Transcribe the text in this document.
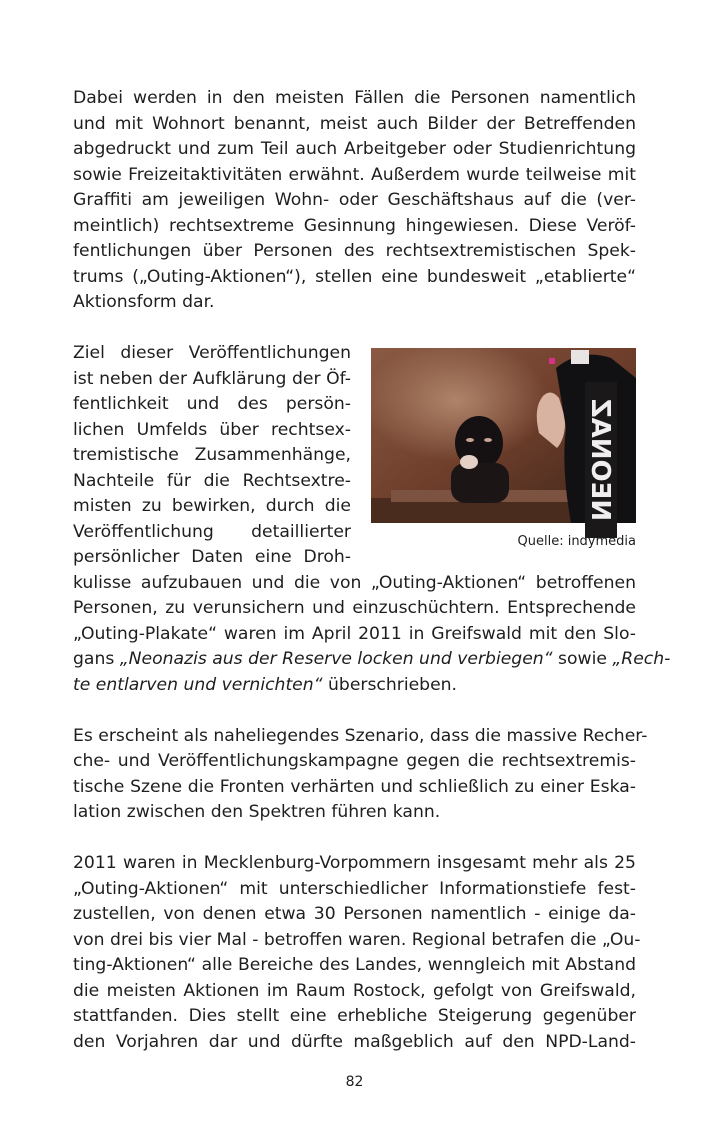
Dabei werden in den meisten Fällen die Personen namentlich
und mit Wohnort benannt, meist auch Bilder der Betreffenden
abgedruckt und zum Teil auch Arbeitgeber oder Studienrichtung
sowie Freizeitaktivitäten erwähnt. Außerdem wurde teilweise mit
Graffiti am jeweiligen Wohn- oder Geschäftshaus auf die (ver-
meintlich) rechtsextreme Gesinnung hingewiesen. Diese Veröf-
fentlichungen über Personen des rechtsextremistischen Spek-
trums („Outing-Aktionen“), stellen eine bundesweit „etablierte“
Aktionsform dar.
Ziel dieser Veröffentlichungen
ist neben der Aufklärung der Öf-
fentlichkeit und des persön-
lichen Umfelds über rechtsex-
tremistische Zusammenhänge,
Nachteile für die Rechtsextre-
misten zu bewirken, durch die
Veröffentlichung detaillierter
persönlicher Daten eine Droh-
NEONAZ
Quelle: indymedia
kulisse aufzubauen und die von „Outing-Aktionen“ betroffenen
Personen, zu verunsichern und einzuschüchtern. Entsprechende
„Outing-Plakate“ waren im April 2011 in Greifswald mit den Slo-
gans „Neonazis aus der Reserve locken und verbiegen“ sowie „Rech-
te entlarven und vernichten“ überschrieben.
Es erscheint als naheliegendes Szenario, dass die massive Recher-
che- und Veröffentlichungskampagne gegen die rechtsextremis-
tische Szene die Fronten verhärten und schließlich zu einer Eska-
lation zwischen den Spektren führen kann.
2011 waren in Mecklenburg-Vorpommern insgesamt mehr als 25
„Outing-Aktionen“ mit unterschiedlicher Informationstiefe fest-
zustellen, von denen etwa 30 Personen namentlich - einige da-
von drei bis vier Mal - betroffen waren. Regional betrafen die „Ou-
ting-Aktionen“ alle Bereiche des Landes, wenngleich mit Abstand
die meisten Aktionen im Raum Rostock, gefolgt von Greifswald,
stattfanden. Dies stellt eine erhebliche Steigerung gegenüber
den Vorjahren dar und dürfte maßgeblich auf den NPD-Land-
82
